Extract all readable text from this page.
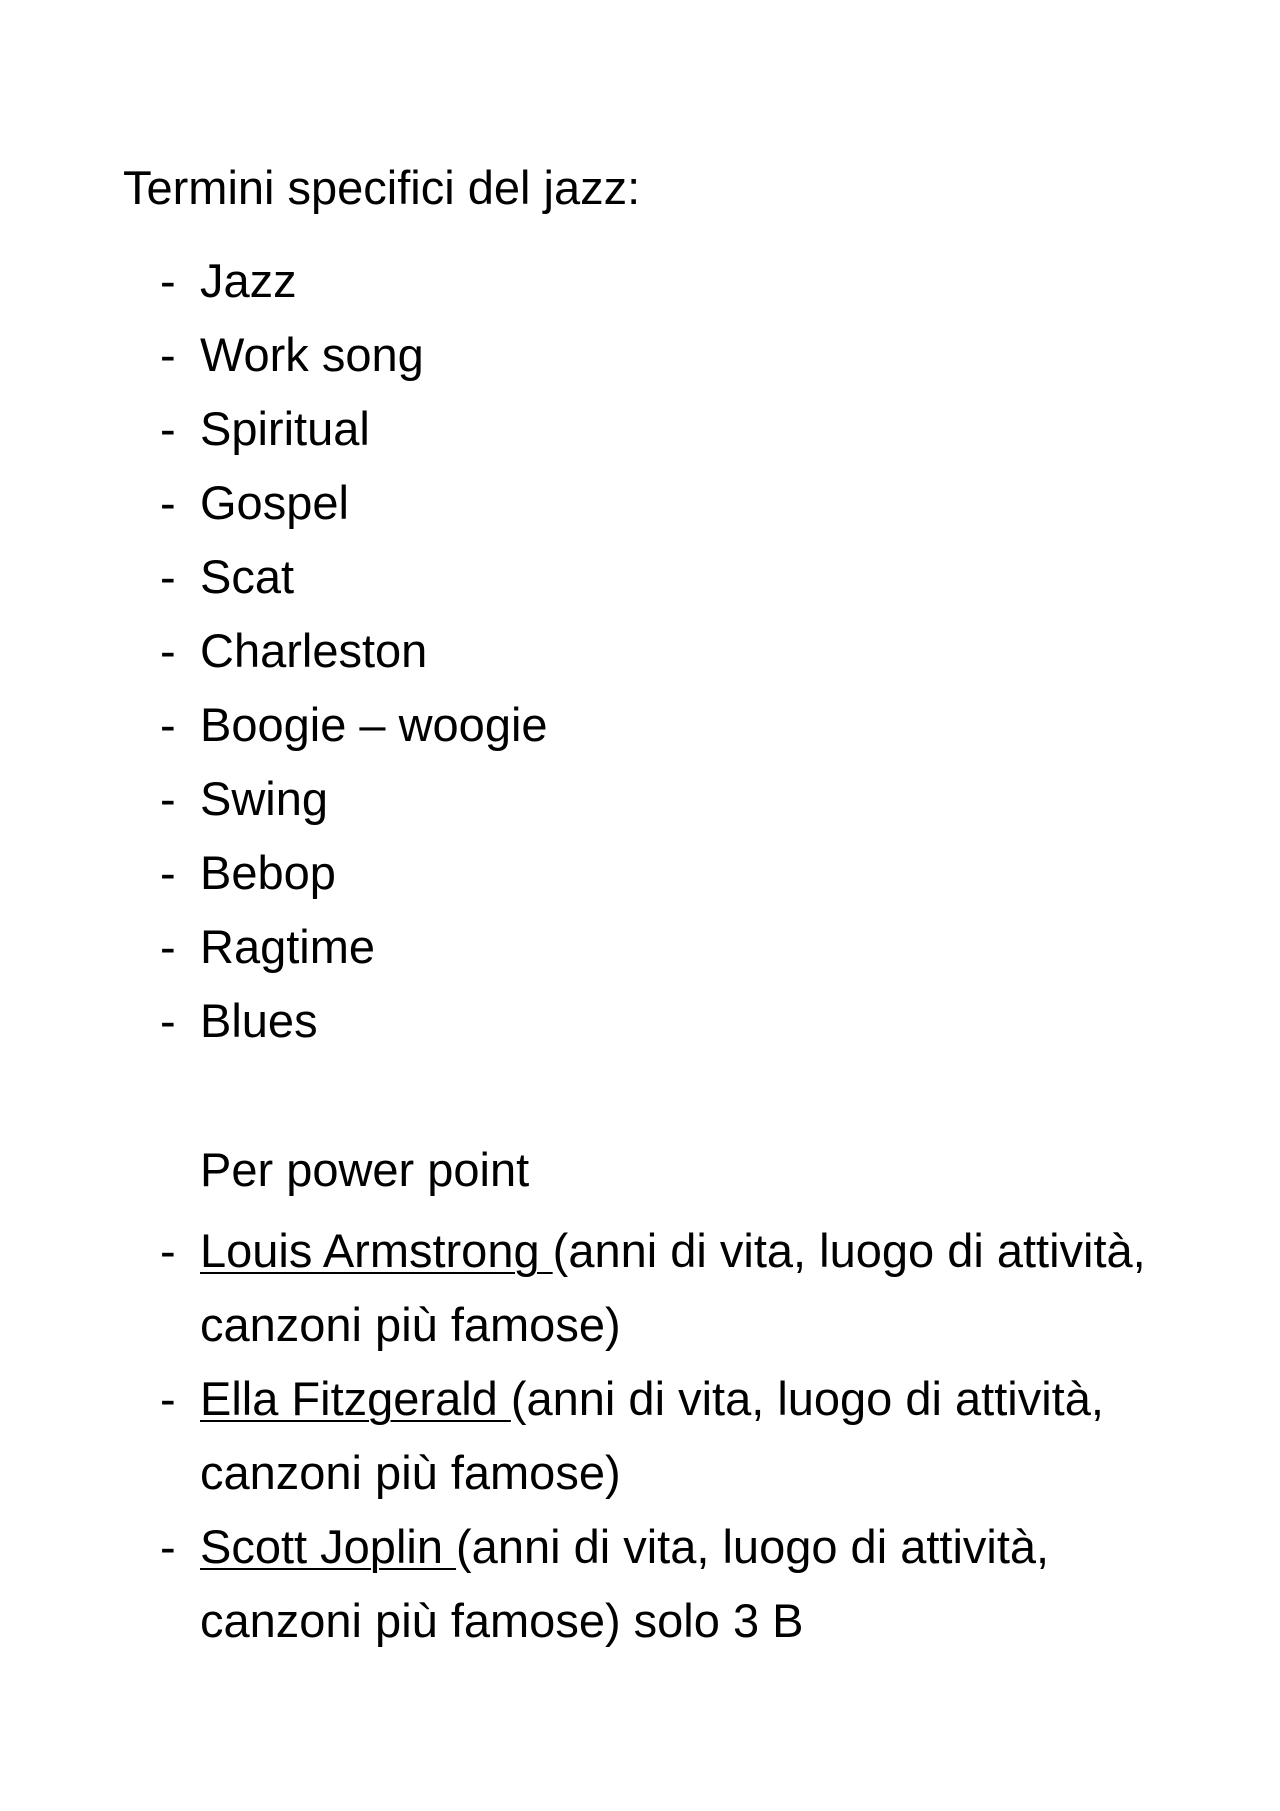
Termini specifici del jazz:
- Jazz
- Work song
- Spiritual
- Gospel
- Scat
- Charleston
- Boogie – woogie
- Swing
- Bebop
- Ragtime
- Blues
Per power point
- Louis Armstrong (anni di vita, luogo di attività, canzoni più famose)
- Ella Fitzgerald (anni di vita, luogo di attività, canzoni più famose)
- Scott Joplin (anni di vita, luogo di attività, canzoni più famose) solo 3 B
